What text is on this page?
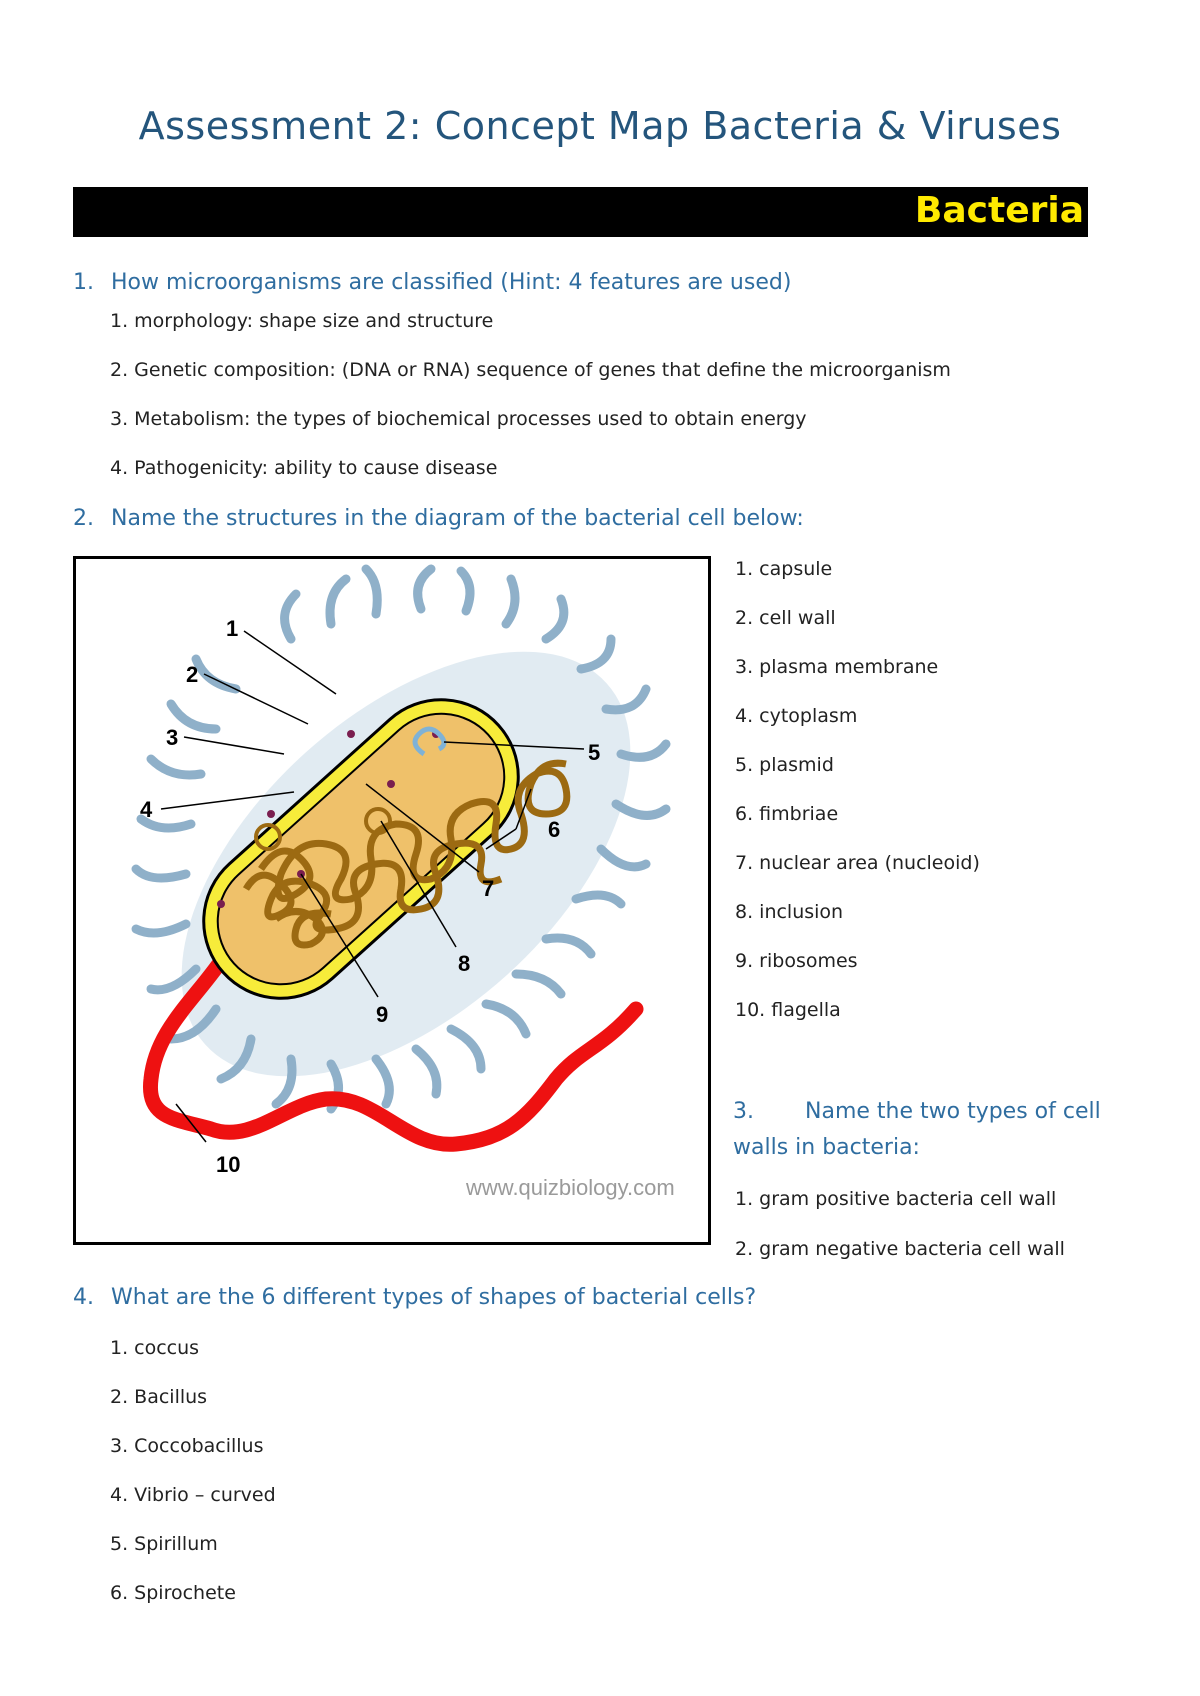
Assessment 2: Concept Map Bacteria & Viruses
Bacteria
1. How microorganisms are classified (Hint: 4 features are used)
1. morphology: shape size and structure
2. Genetic composition: (DNA or RNA) sequence of genes that define the microorganism
3. Metabolism: the types of biochemical processes used to obtain energy
4. Pathogenicity: ability to cause disease
2. Name the structures in the diagram of the bacterial cell below:
1
2
3
4
5
6
7
8
9
10
www.quizbiology.com
1. capsule
2. cell wall
3. plasma membrane
4. cytoplasm
5. plasmid
6. fimbriae
7. nuclear area (nucleoid)
8. inclusion
9. ribosomes
10. flagella
3. Name the two types of cell walls in bacteria:
1. gram positive bacteria cell wall
2. gram negative bacteria cell wall
4. What are the 6 different types of shapes of bacterial cells?
1. coccus
2. Bacillus
3. Coccobacillus
4. Vibrio – curved
5. Spirillum
6. Spirochete
